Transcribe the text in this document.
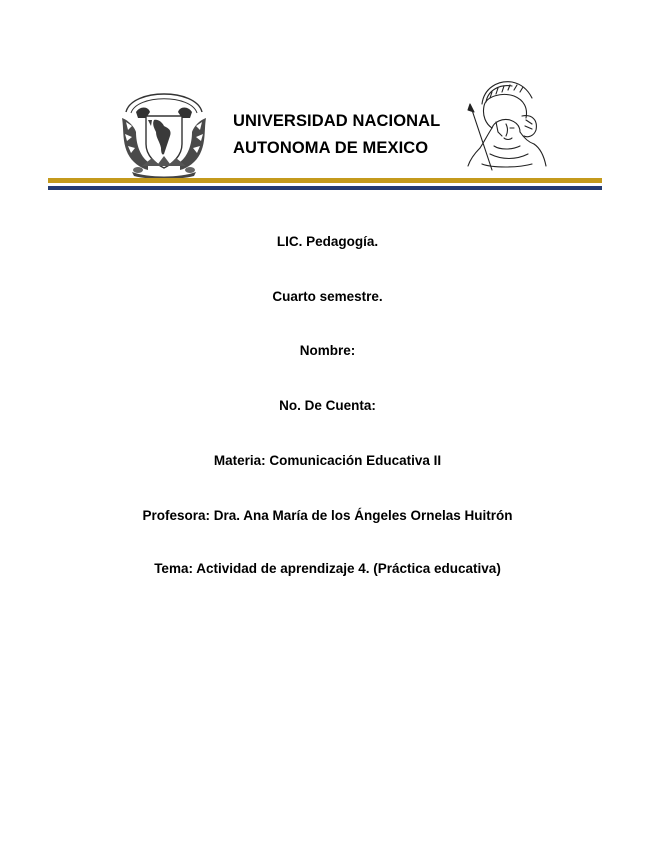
UNIVERSIDAD NACIONAL
AUTONOMA DE MEXICO
LIC. Pedagogía.
Cuarto semestre.
Nombre:
No. De Cuenta:
Materia: Comunicación Educativa II
Profesora: Dra. Ana María de los Ángeles Ornelas Huitrón
Tema: Actividad de aprendizaje 4. (Práctica educativa)
